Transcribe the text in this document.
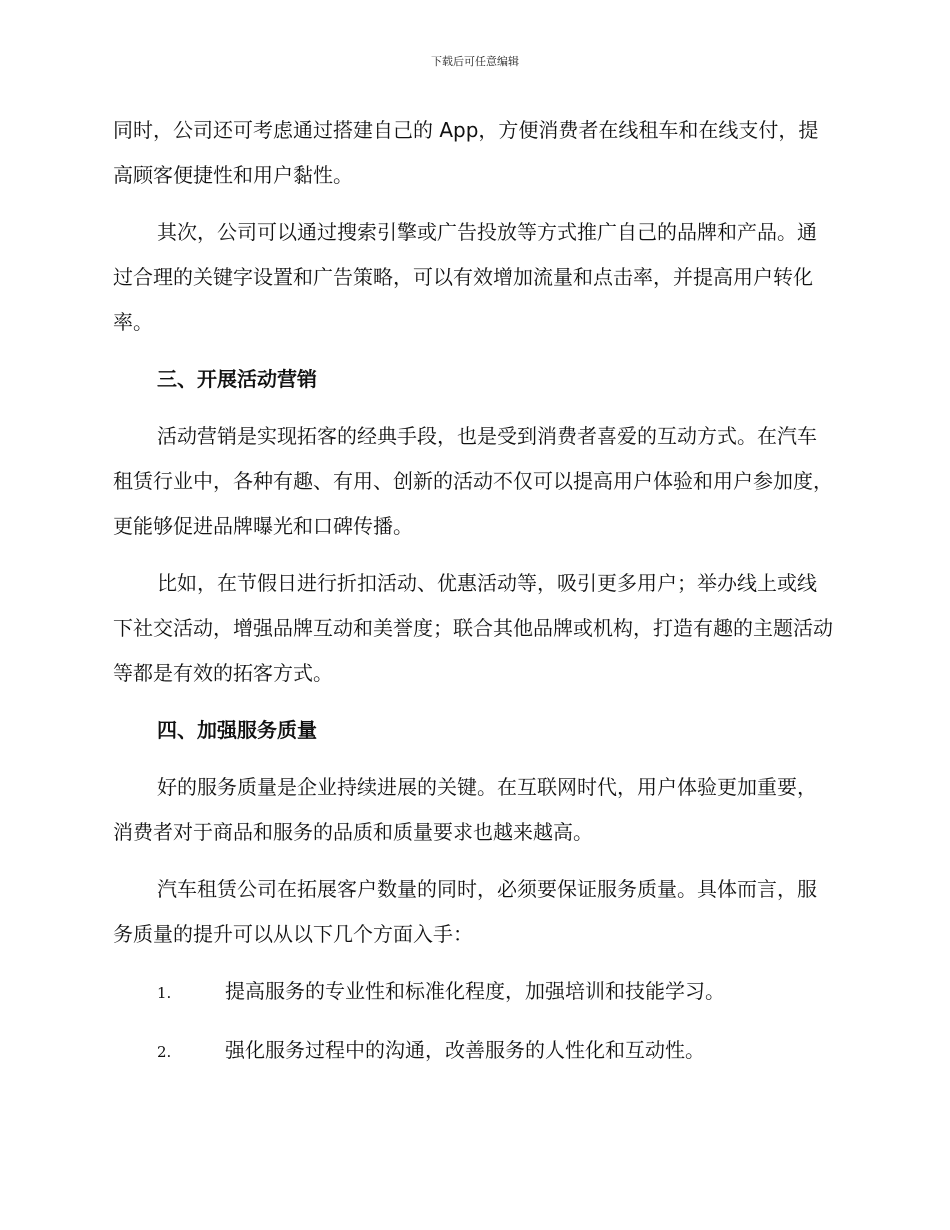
下载后可任意编辑

同时，公司还可考虑通过搭建自己的 App，方便消费者在线租车和在线支付，提高顾客便捷性和用户黏性。

其次，公司可以通过搜索引擎或广告投放等方式推广自己的品牌和产品。通过合理的关键字设置和广告策略，可以有效增加流量和点击率，并提高用户转化率。

三、开展活动营销

活动营销是实现拓客的经典手段，也是受到消费者喜爱的互动方式。在汽车租赁行业中，各种有趣、有用、创新的活动不仅可以提高用户体验和用户参加度，更能够促进品牌曝光和口碑传播。

比如，在节假日进行折扣活动、优惠活动等，吸引更多用户；举办线上或线下社交活动，增强品牌互动和美誉度；联合其他品牌或机构，打造有趣的主题活动等都是有效的拓客方式。

四、加强服务质量

好的服务质量是企业持续进展的关键。在互联网时代，用户体验更加重要，消费者对于商品和服务的品质和质量要求也越来越高。

汽车租赁公司在拓展客户数量的同时，必须要保证服务质量。具体而言，服务质量的提升可以从以下几个方面入手：

1.	提高服务的专业性和标准化程度，加强培训和技能学习。
2.	强化服务过程中的沟通，改善服务的人性化和互动性。
